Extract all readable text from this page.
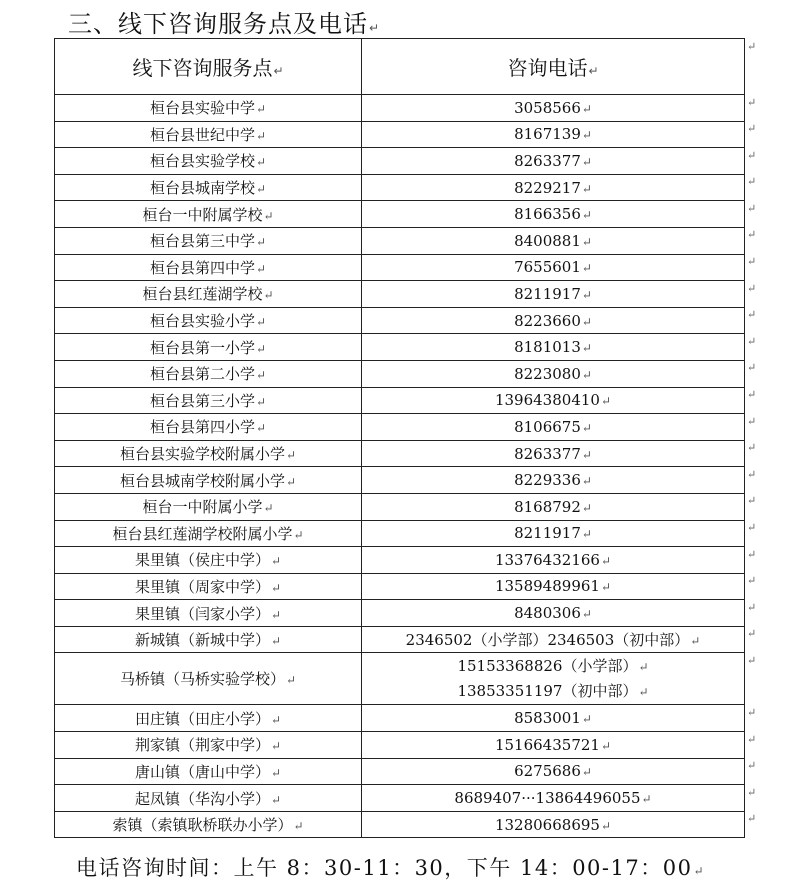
三、线下咨询服务点及电话↵
线下咨询服务点↵	咨询电话↵
桓台县实验中学↵	3058566↵
桓台县世纪中学↵	8167139↵
桓台县实验学校↵	8263377↵
桓台县城南学校↵	8229217↵
桓台一中附属学校↵	8166356↵
桓台县第三中学↵	8400881↵
桓台县第四中学↵	7655601↵
桓台县红莲湖学校↵	8211917↵
桓台县实验小学↵	8223660↵
桓台县第一小学↵	8181013↵
桓台县第二小学↵	8223080↵
桓台县第三小学↵	13964380410↵
桓台县第四小学↵	8106675↵
桓台县实验学校附属小学↵	8263377↵
桓台县城南学校附属小学↵	8229336↵
桓台一中附属小学↵	8168792↵
桓台县红莲湖学校附属小学↵	8211917↵
果里镇（侯庄中学）↵	13376432166↵
果里镇（周家中学）↵	13589489961↵
果里镇（闫家小学）↵	8480306↵
新城镇（新城中学）↵	2346502（小学部）2346503（初中部）↵
马桥镇（马桥实验学校）↵	15153368826（小学部）↵
13853351197（初中部）↵

田庄镇（田庄小学）↵	8583001↵
荆家镇（荆家中学）↵	15166435721↵
唐山镇（唐山中学）↵	6275686↵
起凤镇（华沟小学）↵	8689407···13864496055↵
索镇（索镇耿桥联办小学）↵	13280668695↵
↵
↵
↵
↵
↵
↵
↵
↵
↵
↵
↵
↵
↵
↵
↵
↵
↵
↵
↵
↵
↵
↵
↵
↵
↵
↵
↵
↵
电话咨询时间：上午 8：30-11：30，下午 14：00-17：00↵
